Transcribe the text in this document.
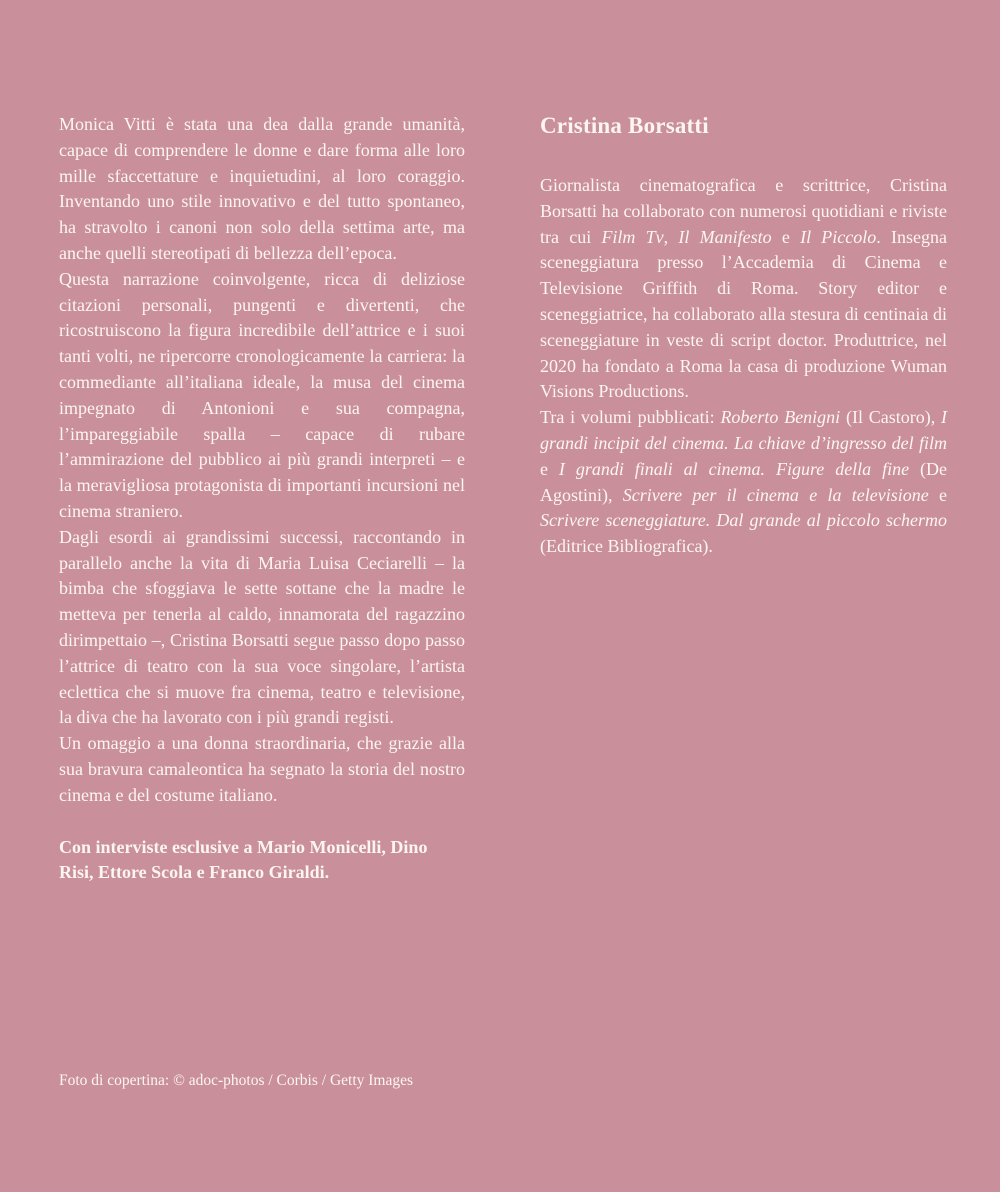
Monica Vitti è stata una dea dalla grande umanità, capace di comprendere le donne e dare forma alle loro mille sfaccettature e inquietudini, al loro coraggio. Inventando uno stile innovativo e del tutto spontaneo, ha stravolto i canoni non solo della settima arte, ma anche quelli stereotipati di bellezza dell’epoca.

Questa narrazione coinvolgente, ricca di deliziose citazioni personali, pungenti e divertenti, che ricostruiscono la figura incredibile dell’attrice e i suoi tanti volti, ne ripercorre cronologicamente la carriera: la commediante all’italiana ideale, la musa del cinema impegnato di Antonioni e sua compagna, l’impareggiabile spalla – capace di rubare l’ammirazione del pubblico ai più grandi interpreti – e la meravigliosa protagonista di importanti incursioni nel cinema straniero.

Dagli esordi ai grandissimi successi, raccontando in parallelo anche la vita di Maria Luisa Ceciarelli – la bimba che sfoggiava le sette sottane che la madre le metteva per tenerla al caldo, innamorata del ragazzino dirimpettaio –, Cristina Borsatti segue passo dopo passo l’attrice di teatro con la sua voce singolare, l’artista eclettica che si muove fra cinema, teatro e televisione, la diva che ha lavorato con i più grandi registi.

Un omaggio a una donna straordinaria, che grazie alla sua bravura camaleontica ha segnato la storia del nostro cinema e del costume italiano.

Con interviste esclusive a Mario Monicelli, Dino Risi, Ettore Scola e Franco Giraldi.

Cristina Borsatti

Giornalista cinematografica e scrittrice, Cristina Borsatti ha collaborato con numerosi quotidiani e riviste tra cui Film Tv, Il Manifesto e Il Piccolo. Insegna sceneggiatura presso l’Accademia di Cinema e Televisione Griffith di Roma. Story editor e sceneggiatrice, ha collaborato alla stesura di centinaia di sceneggiature in veste di script doctor. Produttrice, nel 2020 ha fondato a Roma la casa di produzione Wuman Visions Productions.

Tra i volumi pubblicati: Roberto Benigni (Il Castoro), I grandi incipit del cinema. La chiave d’ingresso del film e I grandi finali al cinema. Figure della fine (De Agostini), Scrivere per il cinema e la televisione e Scrivere sceneggiature. Dal grande al piccolo schermo (Editrice Bibliografica).

Foto di copertina: © adoc-photos / Corbis / Getty Images
